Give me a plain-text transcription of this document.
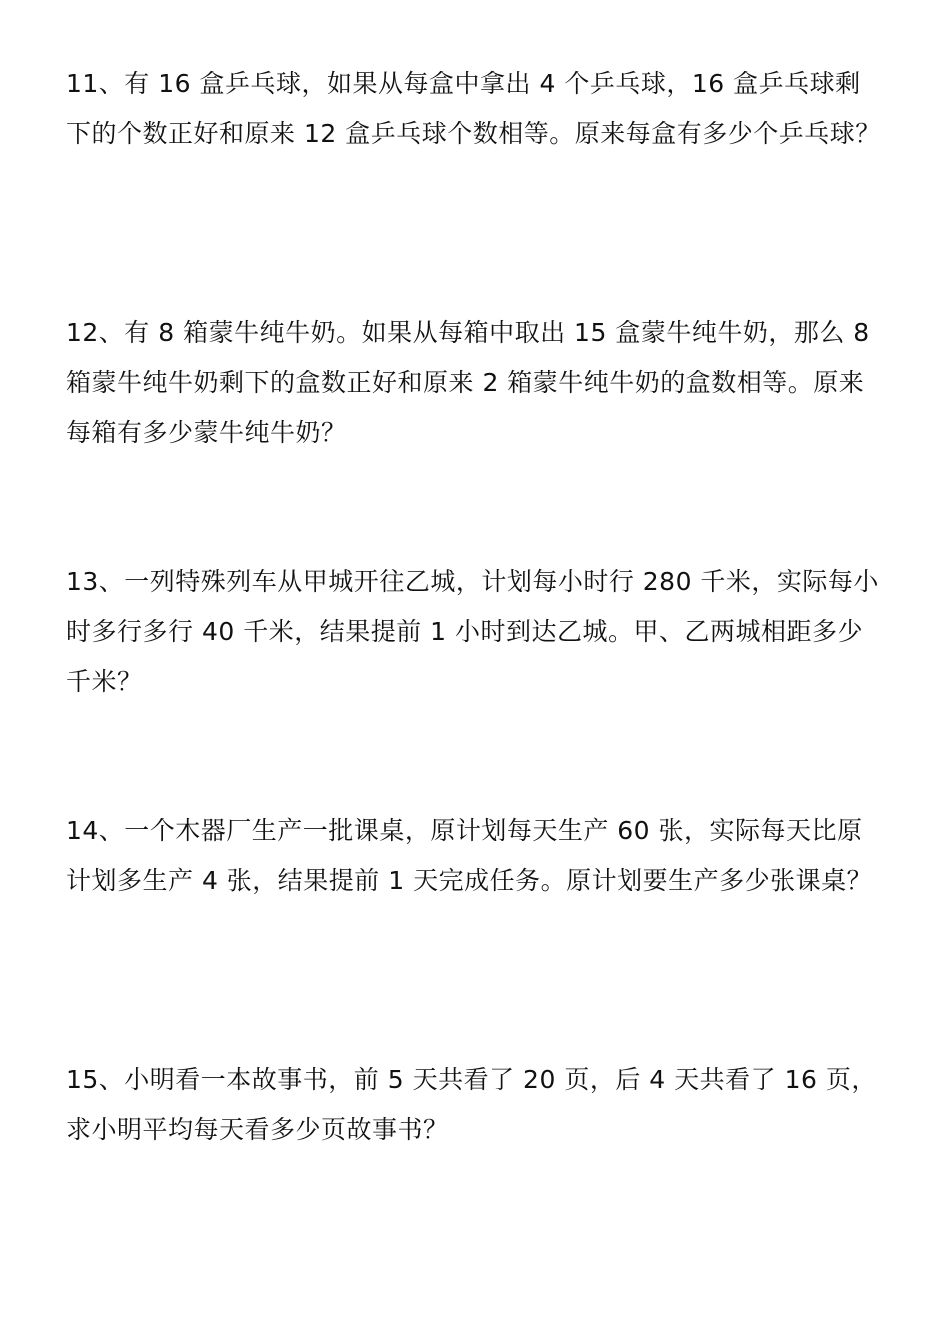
11、有 16 盒乒乓球，如果从每盒中拿出 4 个乒乓球，16 盒乒乓球剩下的个数正好和原来 12 盒乒乓球个数相等。原来每盒有多少个乒乓球？

12、有 8 箱蒙牛纯牛奶。如果从每箱中取出 15 盒蒙牛纯牛奶，那么 8 箱蒙牛纯牛奶剩下的盒数正好和原来 2 箱蒙牛纯牛奶的盒数相等。原来每箱有多少蒙牛纯牛奶？

13、一列特殊列车从甲城开往乙城，计划每小时行 280 千米，实际每小时多行多行 40 千米，结果提前 1 小时到达乙城。甲、乙两城相距多少千米？

14、一个木器厂生产一批课桌，原计划每天生产 60 张，实际每天比原计划多生产 4 张，结果提前 1 天完成任务。原计划要生产多少张课桌？

15、小明看一本故事书，前 5 天共看了 20 页，后 4 天共看了 16 页，求小明平均每天看多少页故事书？
